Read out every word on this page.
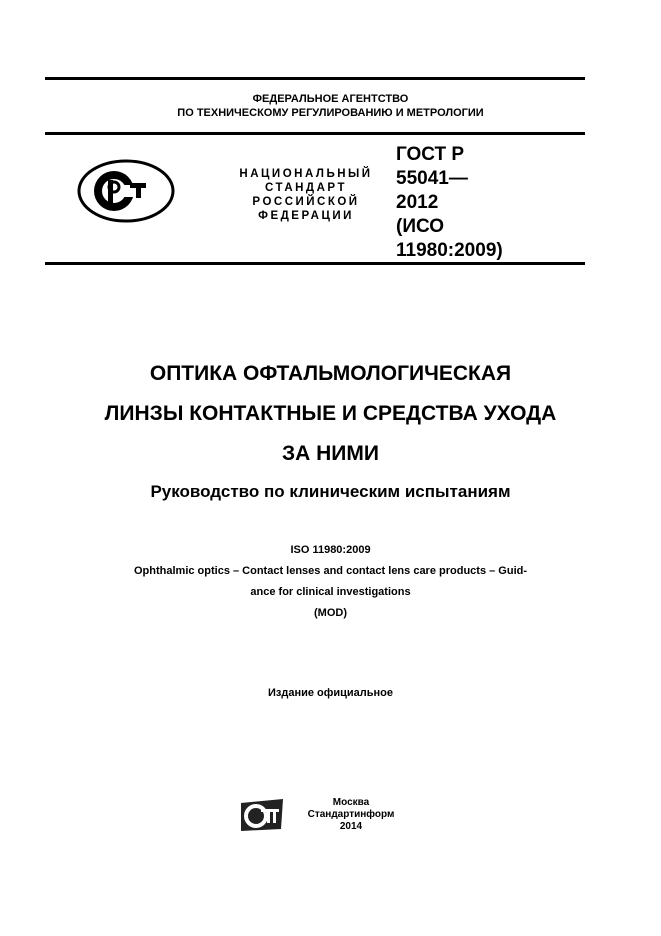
ФЕДЕРАЛЬНОЕ АГЕНТСТВО
ПО ТЕХНИЧЕСКОМУ РЕГУЛИРОВАНИЮ И МЕТРОЛОГИИ
НАЦИОНАЛЬНЫЙ
СТАНДАРТ
РОССИЙСКОЙ
ФЕДЕРАЦИИ
ГОСТ Р
55041—
2012
(ИСО
11980:2009)
ОПТИКА ОФТАЛЬМОЛОГИЧЕСКАЯ
ЛИНЗЫ КОНТАКТНЫЕ И СРЕДСТВА УХОДА
ЗА НИМИ
Руководство по клиническим испытаниям
ISO 11980:2009
Ophthalmic optics – Contact lenses and contact lens care products – Guid-
ance for clinical investigations
(MOD)
Издание официальное
Москва
Стандартинформ
2014
